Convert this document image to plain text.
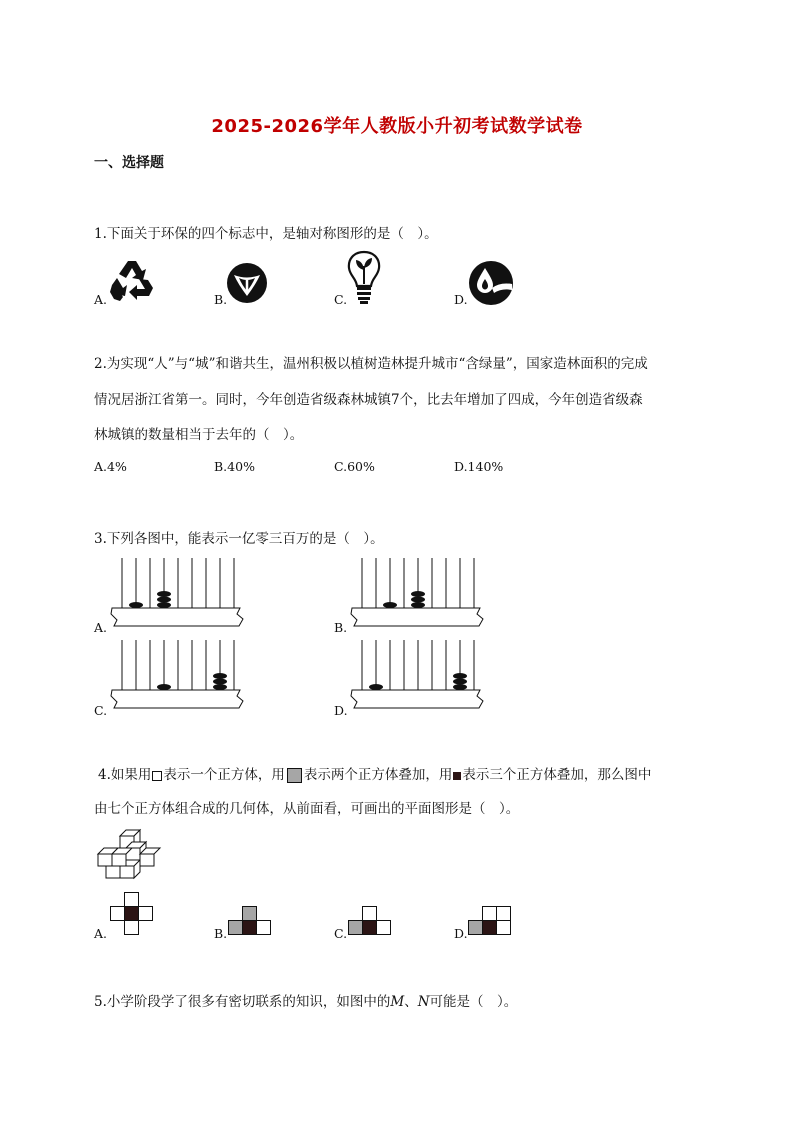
2025-2026学年人教版小升初考试数学试卷
一、选择题
1.下面关于环保的四个标志中，是轴对称图形的是（　）。
A.	B.	C.	D.
2.为实现“人”与“城”和谐共生，温州积极以植树造林提升城市“含绿量”，国家造林面积的完成
情况居浙江省第一。同时，今年创造省级森林城镇7个，比去年增加了四成，今年创造省级森
林城镇的数量相当于去年的（　）。
A.4%	B.40%	C.60%	D.140%
3.下列各图中，能表示一亿零三百万的是（　）。
A.	B.
C.	D.
4.如果用 表示一个正方体，用 表示两个正方体叠加，用 表示三个正方体叠加，那么图中
由七个正方体组合成的几何体，从前面看，可画出的平面图形是（　）。
A.	B.	C.	D.
5.小学阶段学了很多有密切联系的知识，如图中的M、N可能是（　）。
